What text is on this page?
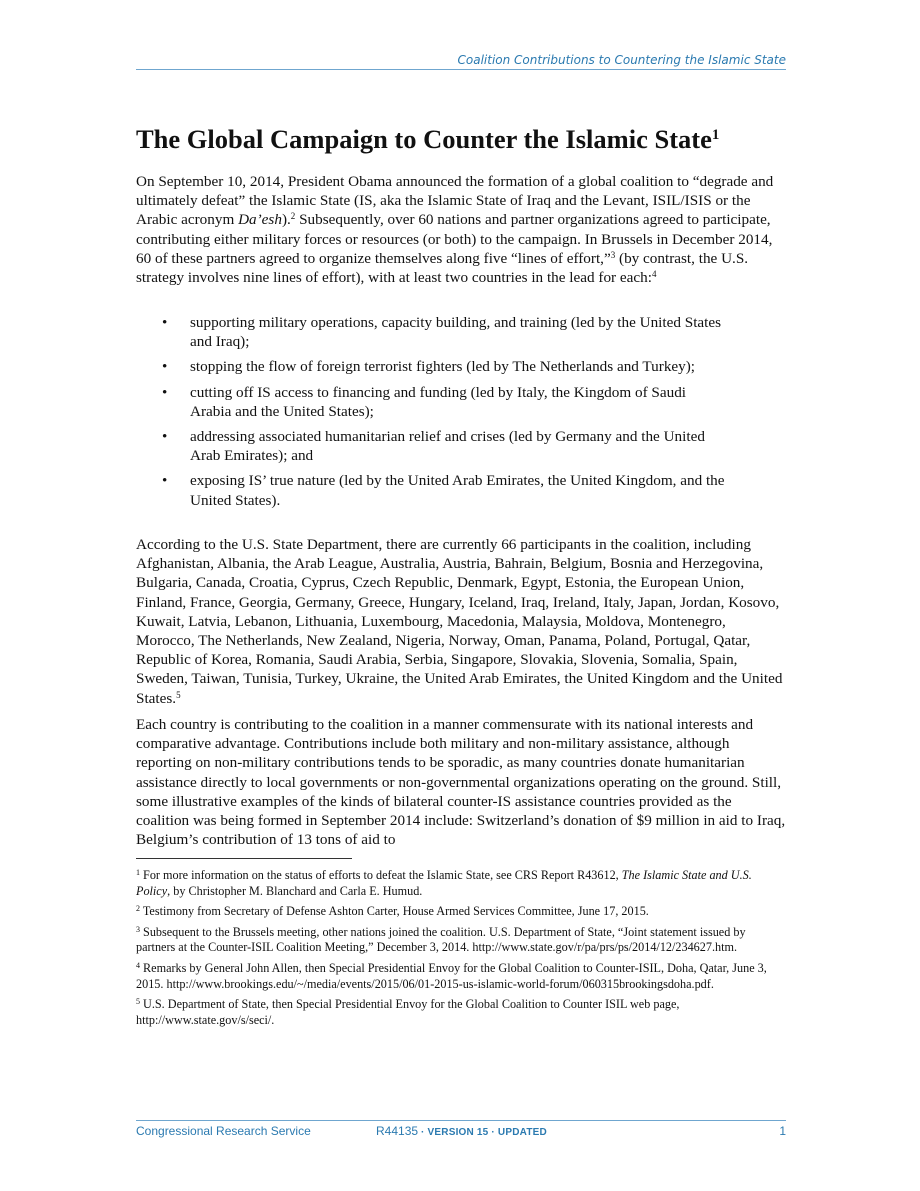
Coalition Contributions to Countering the Islamic State
The Global Campaign to Counter the Islamic State$^1$

On September 10, 2014, President Obama announced the formation of a global coalition to “degrade and ultimately defeat” the Islamic State (IS, aka the Islamic State of Iraq and the Levant, ISIL/ISIS or the Arabic acronym Da’esh).$^2$ Subsequently, over 60 nations and partner organizations agreed to participate, contributing either military forces or resources (or both) to the campaign. In Brussels in December 2014, 60 of these partners agreed to organize themselves along five “lines of effort,”$^3$ (by contrast, the U.S. strategy involves nine lines of effort), with at least two countries in the lead for each:$^4$

• supporting military operations, capacity building, and training (led by the United States and Iraq);
• stopping the flow of foreign terrorist fighters (led by The Netherlands and Turkey);
• cutting off IS access to financing and funding (led by Italy, the Kingdom of Saudi Arabia and the United States);
• addressing associated humanitarian relief and crises (led by Germany and the United Arab Emirates); and
• exposing IS’ true nature (led by the United Arab Emirates, the United Kingdom, and the United States).

According to the U.S. State Department, there are currently 66 participants in the coalition, including Afghanistan, Albania, the Arab League, Australia, Austria, Bahrain, Belgium, Bosnia and Herzegovina, Bulgaria, Canada, Croatia, Cyprus, Czech Republic, Denmark, Egypt, Estonia, the European Union, Finland, France, Georgia, Germany, Greece, Hungary, Iceland, Iraq, Ireland, Italy, Japan, Jordan, Kosovo, Kuwait, Latvia, Lebanon, Lithuania, Luxembourg, Macedonia, Malaysia, Moldova, Montenegro, Morocco, The Netherlands, New Zealand, Nigeria, Norway, Oman, Panama, Poland, Portugal, Qatar, Republic of Korea, Romania, Saudi Arabia, Serbia, Singapore, Slovakia, Slovenia, Somalia, Spain, Sweden, Taiwan, Tunisia, Turkey, Ukraine, the United Arab Emirates, the United Kingdom and the United States.$^5$

Each country is contributing to the coalition in a manner commensurate with its national interests and comparative advantage. Contributions include both military and non-military assistance, although reporting on non-military contributions tends to be sporadic, as many countries donate humanitarian assistance directly to local governments or non-governmental organizations operating on the ground. Still, some illustrative examples of the kinds of bilateral counter-IS assistance countries provided as the coalition was being formed in September 2014 include: Switzerland’s donation of $9 million in aid to Iraq, Belgium’s contribution of 13 tons of aid to

$^1$ For more information on the status of efforts to defeat the Islamic State, see CRS Report R43612, The Islamic State and U.S. Policy, by Christopher M. Blanchard and Carla E. Humud.

$^2$ Testimony from Secretary of Defense Ashton Carter, House Armed Services Committee, June 17, 2015.

$^3$ Subsequent to the Brussels meeting, other nations joined the coalition. U.S. Department of State, “Joint statement issued by partners at the Counter-ISIL Coalition Meeting,” December 3, 2014. http://www.state.gov/r/pa/prs/ps/2014/12/234627.htm.

$^4$ Remarks by General John Allen, then Special Presidential Envoy for the Global Coalition to Counter-ISIL, Doha, Qatar, June 3, 2015. http://www.brookings.edu/~/media/events/2015/06/01-2015-us-islamic-world-forum/060315brookingsdoha.pdf.

$^5$ U.S. Department of State, then Special Presidential Envoy for the Global Coalition to Counter ISIL web page, http://www.state.gov/s/seci/.

Congressional Research Service	R44135 · VERSION 15 · UPDATED	1
